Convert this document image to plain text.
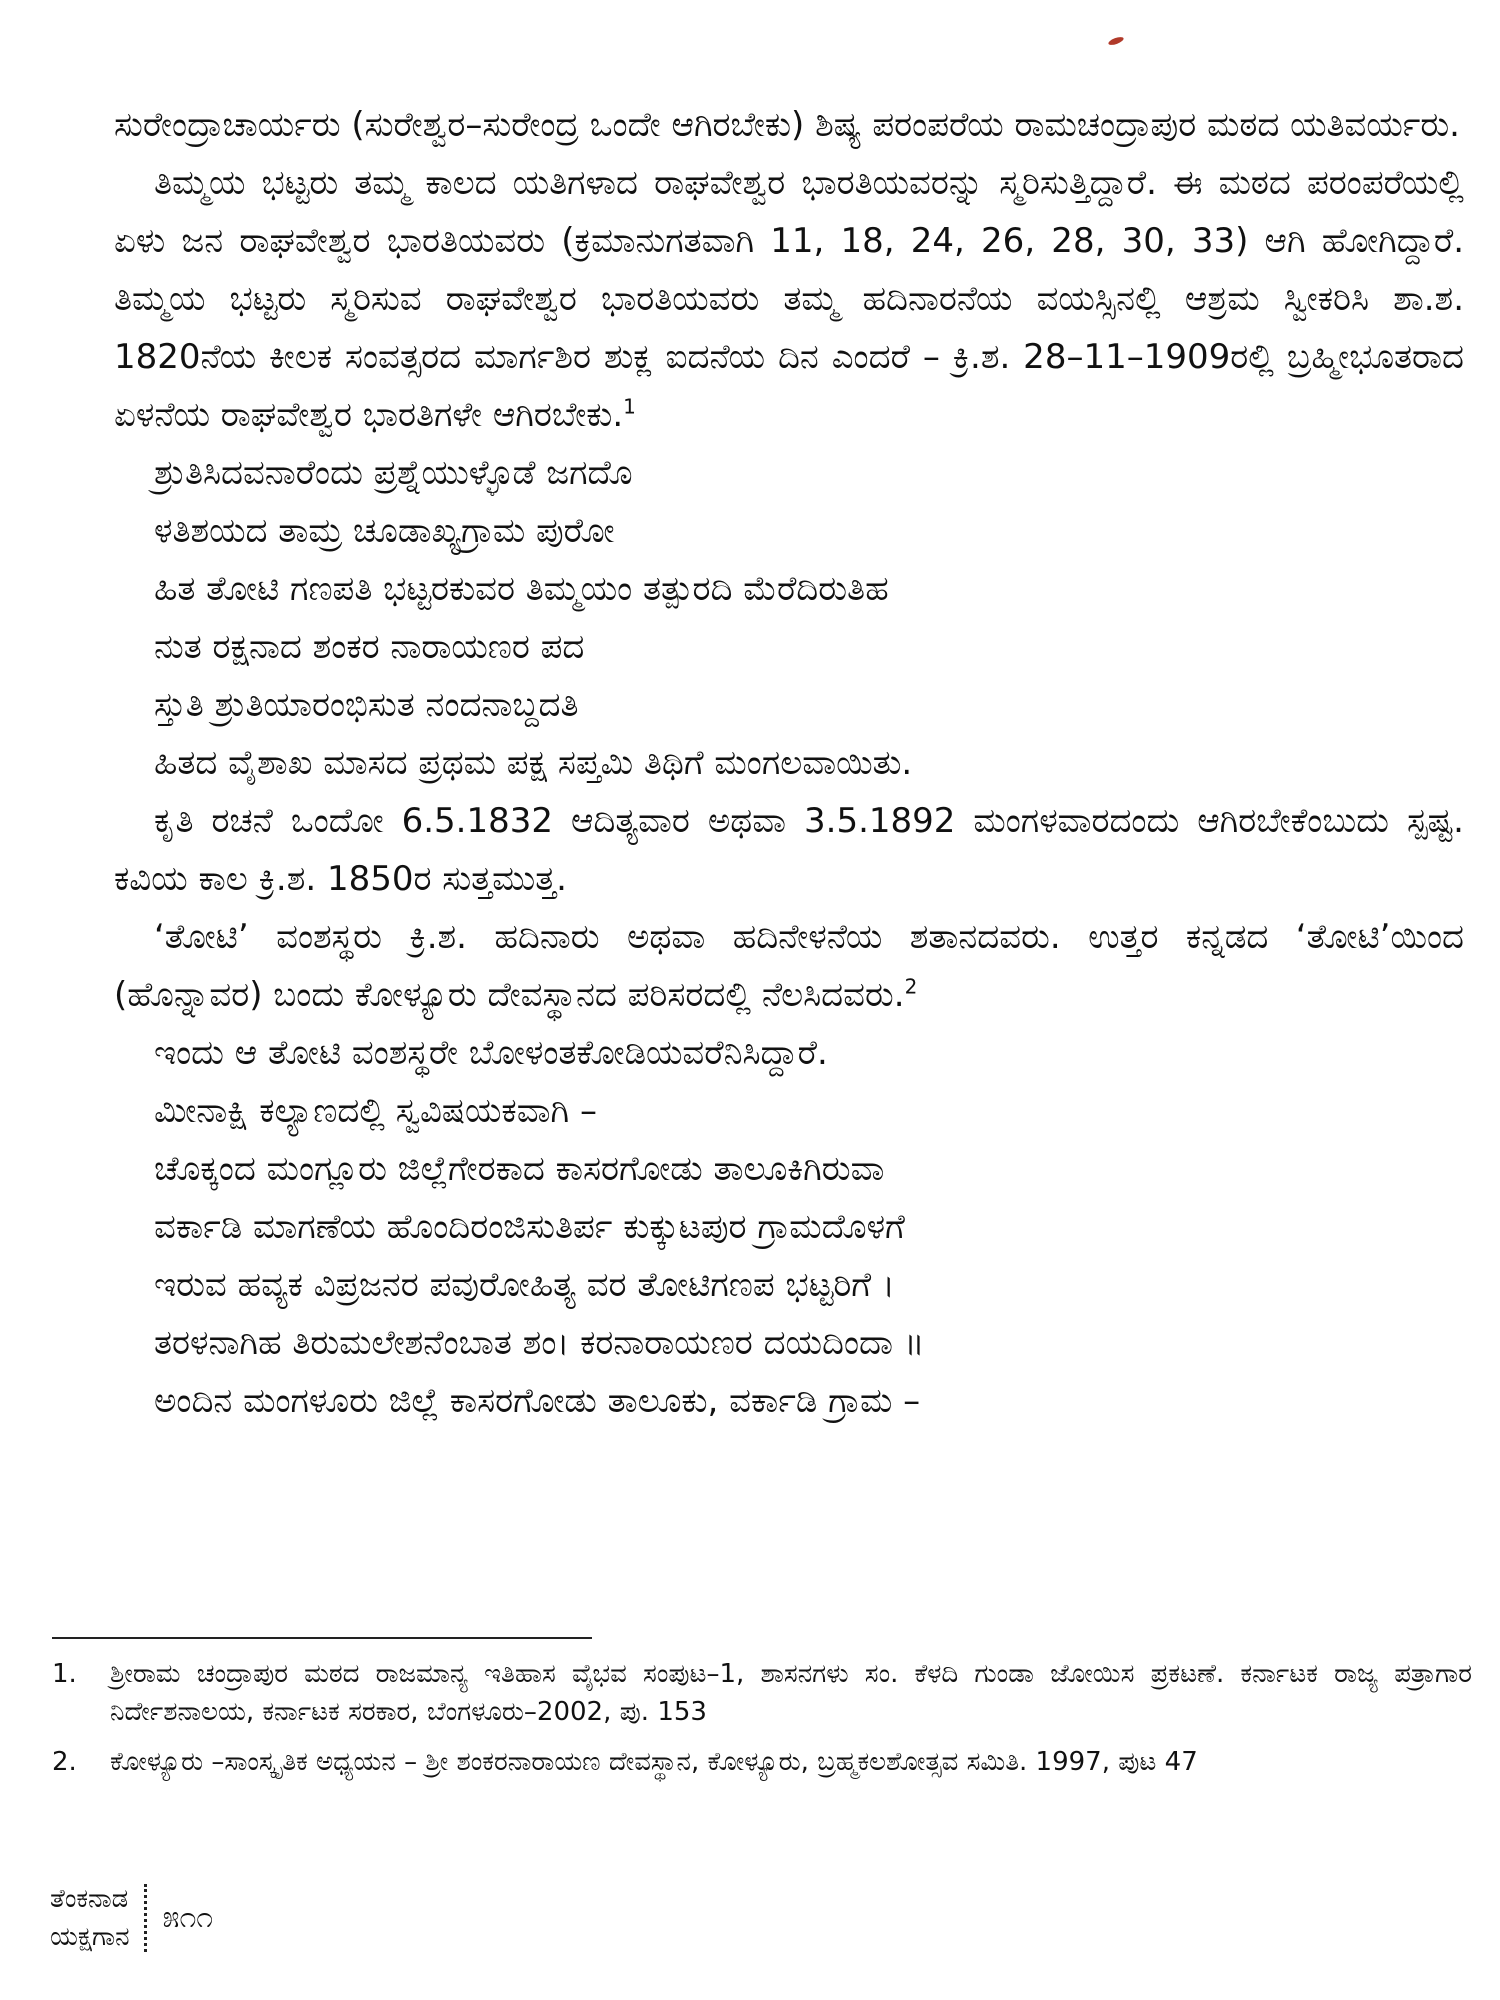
ಸುರೇಂದ್ರಾಚಾರ್ಯರು (ಸುರೇಶ್ವರ–ಸುರೇಂದ್ರ ಒಂದೇ ಆಗಿರಬೇಕು) ಶಿಷ್ಯ ಪರಂಪರೆಯ ರಾಮಚಂದ್ರಾಪುರ ಮಠದ ಯತಿವರ್ಯರು.

ತಿಮ್ಮಯ ಭಟ್ಟರು ತಮ್ಮ ಕಾಲದ ಯತಿಗಳಾದ ರಾಘವೇಶ್ವರ ಭಾರತಿಯವರನ್ನು ಸ್ಮರಿಸುತ್ತಿದ್ದಾರೆ. ಈ ಮಠದ ಪರಂಪರೆಯಲ್ಲಿ ಏಳು ಜನ ರಾಘವೇಶ್ವರ ಭಾರತಿಯವರು (ಕ್ರಮಾನುಗತವಾಗಿ 11, 18, 24, 26, 28, 30, 33) ಆಗಿ ಹೋಗಿದ್ದಾರೆ. ತಿಮ್ಮಯ ಭಟ್ಟರು ಸ್ಮರಿಸುವ ರಾಘವೇಶ್ವರ ಭಾರತಿಯವರು ತಮ್ಮ ಹದಿನಾರನೆಯ ವಯಸ್ಸಿನಲ್ಲಿ ಆಶ್ರಮ ಸ್ವೀಕರಿಸಿ ಶಾ.ಶ. 1820ನೆಯ ಕೀಲಕ ಸಂವತ್ಸರದ ಮಾರ್ಗಶಿರ ಶುಕ್ಲ ಐದನೆಯ ದಿನ ಎಂದರೆ – ಕ್ರಿ.ಶ. 28–11–1909ರಲ್ಲಿ ಬ್ರಹ್ಮೀಭೂತರಾದ ಏಳನೆಯ ರಾಘವೇಶ್ವರ ಭಾರತಿಗಳೇ ಆಗಿರಬೇಕು.$^1$

ಶ್ರುತಿಸಿದವನಾರೆಂದು ಪ್ರಶ್ನೆಯುಳ್ಳೊಡೆ ಜಗದೊ
ಳತಿಶಯದ ತಾಮ್ರ ಚೂಡಾಖ್ಯಗ್ರಾಮ ಪುರೋ
ಹಿತ ತೋಟಿ ಗಣಪತಿ ಭಟ್ಟರಕುವರ ತಿಮ್ಮಯಂ ತತ್ಪುರದಿ ಮೆರೆದಿರುತಿಹ
ನುತ ರಕ್ಷನಾದ ಶಂಕರ ನಾರಾಯಣರ ಪದ
ಸ್ತುತಿ ಶ್ರುತಿಯಾರಂಭಿಸುತ ನಂದನಾಬ್ದದತಿ
ಹಿತದ ವೈಶಾಖ ಮಾಸದ ಪ್ರಥಮ ಪಕ್ಷ ಸಪ್ತಮಿ ತಿಥಿಗೆ ಮಂಗಲವಾಯಿತು.

ಕೃತಿ ರಚನೆ ಒಂದೋ 6.5.1832 ಆದಿತ್ಯವಾರ ಅಥವಾ 3.5.1892 ಮಂಗಳವಾರದಂದು ಆಗಿರಬೇಕೆಂಬುದು ಸ್ಪಷ್ಟ. ಕವಿಯ ಕಾಲ ಕ್ರಿ.ಶ. 1850ರ ಸುತ್ತಮುತ್ತ.

‘ತೋಟಿ’ ವಂಶಸ್ಥರು ಕ್ರಿ.ಶ. ಹದಿನಾರು ಅಥವಾ ಹದಿನೇಳನೆಯ ಶತಾನದವರು. ಉತ್ತರ ಕನ್ನಡದ ‘ತೋಟಿ’ಯಿಂದ (ಹೊನ್ನಾವರ) ಬಂದು ಕೋಳ್ಯೂರು ದೇವಸ್ಥಾನದ ಪರಿಸರದಲ್ಲಿ ನೆಲಸಿದವರು.$^2$

ಇಂದು ಆ ತೋಟಿ ವಂಶಸ್ಥರೇ ಬೋಳಂತಕೋಡಿಯವರೆನಿಸಿದ್ದಾರೆ.
ಮೀನಾಕ್ಷಿ ಕಲ್ಯಾಣದಲ್ಲಿ ಸ್ವವಿಷಯಕವಾಗಿ –
ಚೊಕ್ಕಂದ ಮಂಗ್ಲೂರು ಜಿಲ್ಲೆಗೇರಕಾದ ಕಾಸರಗೋಡು ತಾಲೂಕಿಗಿರುವಾ
ವರ್ಕಾಡಿ ಮಾಗಣೆಯ ಹೊಂದಿರಂಜಿಸುತಿರ್ಪ ಕುಕ್ಕುಟಪುರ ಗ್ರಾಮದೊಳಗೆ
ಇರುವ ಹವ್ಯಕ ವಿಪ್ರಜನರ ಪವುರೋಹಿತ್ಯ ವರ ತೋಟಿಗಣಪ ಭಟ್ಟರಿಗೆ ।
ತರಳನಾಗಿಹ ತಿರುಮಲೇಶನೆಂಬಾತ ಶಂ। ಕರನಾರಾಯಣರ ದಯದಿಂದಾ ॥
ಅಂದಿನ ಮಂಗಳೂರು ಜಿಲ್ಲೆ ಕಾಸರಗೋಡು ತಾಲೂಕು, ವರ್ಕಾಡಿ ಗ್ರಾಮ –
1.	ಶ್ರೀರಾಮ ಚಂದ್ರಾಪುರ ಮಠದ ರಾಜಮಾನ್ಯ ಇತಿಹಾಸ ವೈಭವ ಸಂಪುಟ–1, ಶಾಸನಗಳು ಸಂ. ಕೆಳದಿ ಗುಂಡಾ ಜೋಯಿಸ ಪ್ರಕಟಣೆ. ಕರ್ನಾಟಕ ರಾಜ್ಯ ಪತ್ರಾಗಾರ ನಿರ್ದೇಶನಾಲಯ, ಕರ್ನಾಟಕ ಸರಕಾರ, ಬೆಂಗಳೂರು–2002, ಪು. 153
2.	ಕೋಳ್ಯೂರು –ಸಾಂಸ್ಕೃತಿಕ ಅಧ್ಯಯನ – ಶ್ರೀ ಶಂಕರನಾರಾಯಣ ದೇವಸ್ಥಾನ, ಕೋಳ್ಯೂರು, ಬ್ರಹ್ಮಕಲಶೋತ್ಸವ ಸಮಿತಿ. 1997, ಪುಟ 47
ತೆಂಕನಾಡ
ಯಕ್ಷಗಾನ
೫೧೧
